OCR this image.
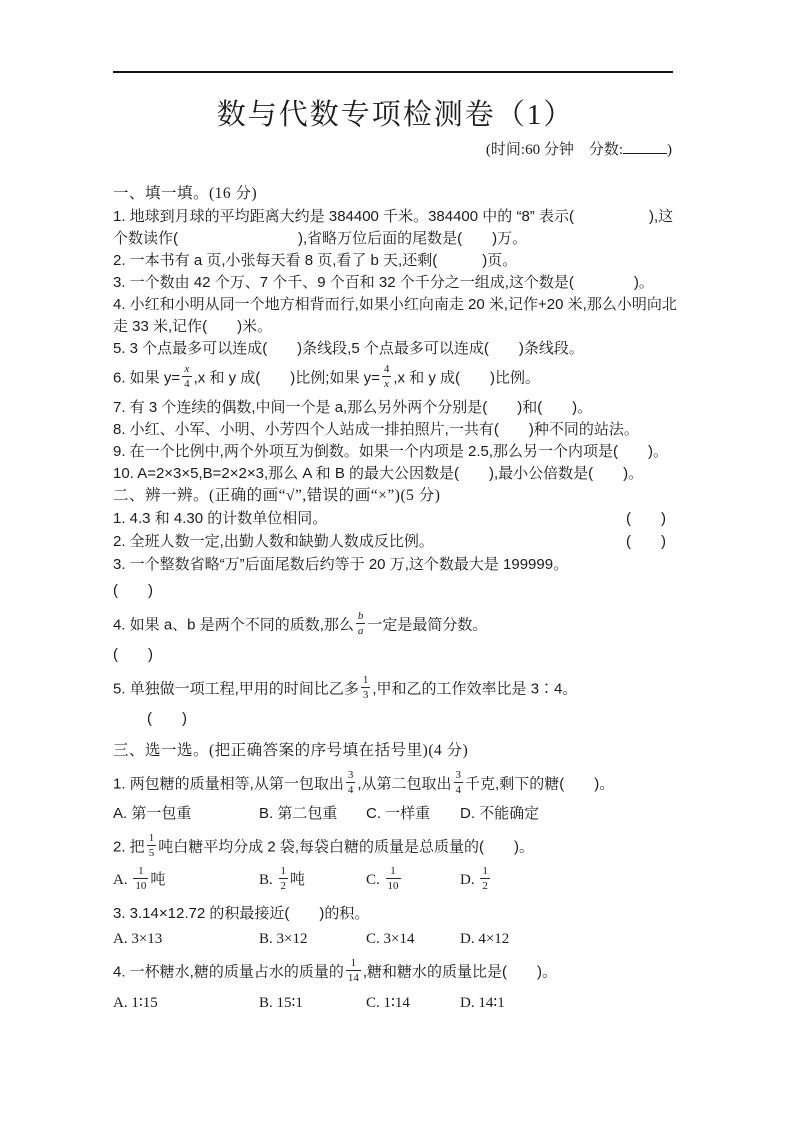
数与代数专项检测卷（1）
(时间:60 分钟　分数:	)
一、填一填。(16 分)

1. 地球到月球的平均距离大约是 384400 千米。384400 中的 “8” 表示(　　　　　),这个数读作(　　　　　　　　),省略万位后面的尾数是(　　)万。

2. 一本书有 a 页,小张每天看 8 页,看了 b 天,还剩(　　　)页。

3. 一个数由 42 个万、7 个千、9 个百和 32 个千分之一组成,这个数是(　　　　)。

4. 小红和小明从同一个地方相背而行,如果小红向南走 20 米,记作+20 米,那么小明向北走 33 米,记作(　　)米。

5. 3 个点最多可以连成(　　)条线段,5 个点最多可以连成(　　)条线段。

6. 如果 $y= \frac{x}{4} ,x$ 和 y 成(　　)比例;如果 $y= \frac{4}{x} ,x$ 和 y 成(　　)比例。

7. 有 3 个连续的偶数,中间一个是 a,那么另外两个分别是(　　)和(　　)。

8. 小红、小军、小明、小芳四个人站成一排拍照片,一共有(　　)种不同的站法。

9. 在一个比例中,两个外项互为倒数。如果一个内项是 2.5,那么另一个内项是(　　)。

10. A=2×3×5,B=2×2×3,那么 A 和 B 的最大公因数是(　　),最小公倍数是(　　)。

二、辨一辨。(正确的画“√”,错误的画“×”)(5 分)
1. 4.3 和 4.30 的计数单位相同。	(　　)
2. 全班人数一定,出勤人数和缺勤人数成反比例。	(　　)

3. 一个整数省略“万”后面尾数后约等于 20 万,这个数最大是 199999。

(　　)

4. 如果 a、b 是两个不同的质数,那么 $\frac{b}{a}$ 一定是最简分数。

(　　)

5. 单独做一项工程,甲用的时间比乙多 $\frac{1}{3}$ ,甲和乙的工作效率比是 3∶4。

(　　)
三、选一选。(把正确答案的序号填在括号里)(4 分)

1. 两包糖的质量相等,从第一包取出 $\frac{3}{4}$ ,从第二包取出 $\frac{3}{4}$ 千克,剩下的糖(　　)。

A. 第一包重	B. 第二包重	C. 一样重	D. 不能确定

2. 把 $\frac{1}{5}$ 吨白糖平均分成 2 袋,每袋白糖的质量是总质量的(　　)。

A. $\frac{1}{10}$ 吨	B. $\frac{1}{2}$ 吨	C. $\frac{1}{10}$	D. $\frac{1}{2}$

3. 3.14×12.72 的积最接近(　　)的积。

A. 3×13	B. 3×12	C. 3×14	D. 4×12

4. 一杯糖水,糖的质量占水的质量的 $\frac{1}{14}$ ,糖和糖水的质量比是(　　)。

A. 1∶15	B. 15∶1	C. 1∶14	D. 14∶1
